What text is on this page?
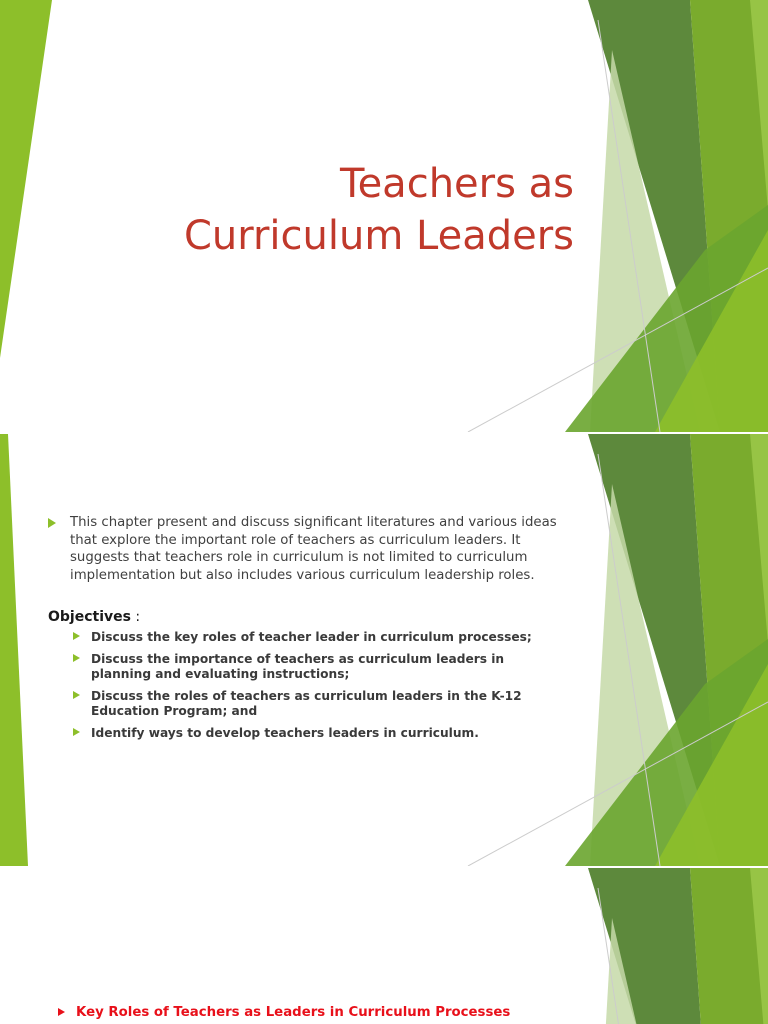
Teachers as
Curriculum Leaders
This chapter present and discuss significant literatures and various ideas that explore the important role of teachers as curriculum leaders. It suggests that teachers role in curriculum is not limited to curriculum implementation but also includes various curriculum leadership roles.
Objectives :
Discuss the key roles of teacher leader in curriculum processes;
Discuss the importance of teachers as curriculum leaders in planning and evaluating instructions;
Discuss the roles of teachers as curriculum leaders in the K-12 Education Program; and
Identify ways to develop teachers leaders in curriculum.
Key Roles of Teachers as Leaders in Curriculum Processes
